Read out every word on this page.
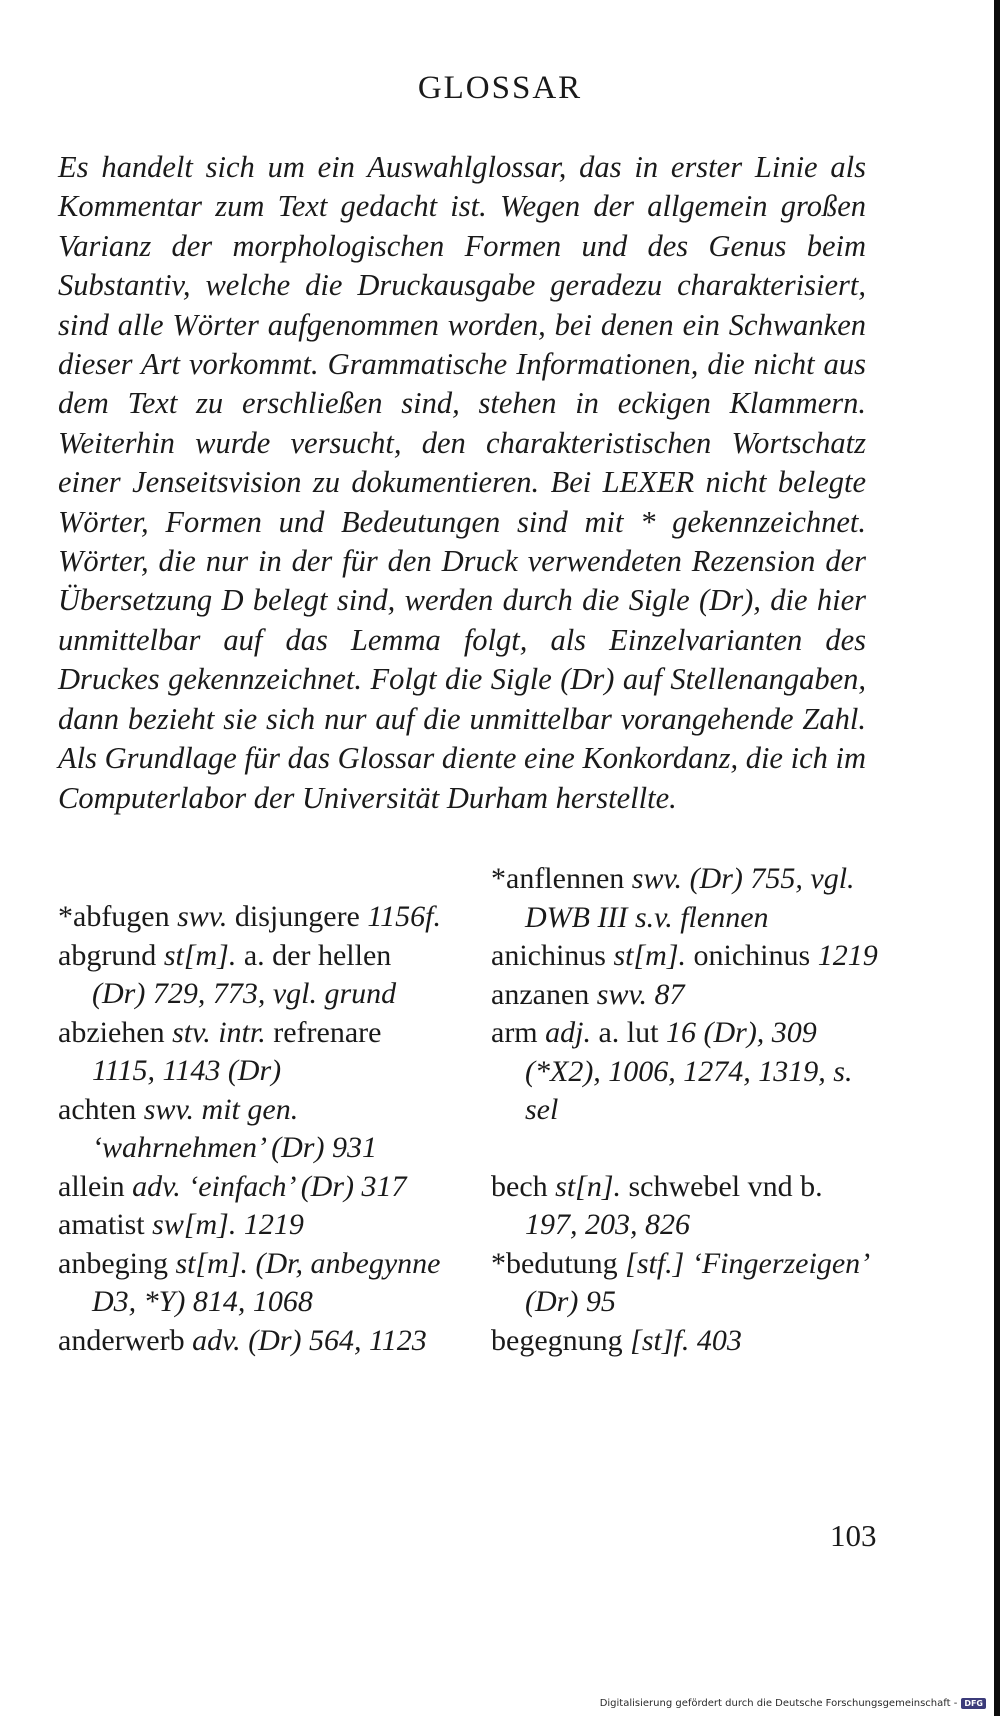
GLOSSAR
Es handelt sich um ein Auswahlglossar, das in erster Linie als Kommentar zum Text gedacht ist. Wegen der allgemein großen Varianz der morphologischen Formen und des Genus beim Substantiv, welche die Druckausgabe geradezu charakterisiert, sind alle Wörter aufgenommen worden, bei denen ein Schwanken dieser Art vorkommt. Grammatische Informationen, die nicht aus dem Text zu erschließen sind, stehen in eckigen Klammern. Weiterhin wurde versucht, den charakteristischen Wortschatz einer Jenseitsvision zu dokumentieren. Bei LEXER nicht belegte Wörter, Formen und Bedeutungen sind mit * gekennzeichnet. Wörter, die nur in der für den Druck verwendeten Rezension der Übersetzung D belegt sind, werden durch die Sigle (Dr), die hier unmittelbar auf das Lemma folgt, als Einzelvarianten des Druckes gekennzeichnet. Folgt die Sigle (Dr) auf Stellenangaben, dann bezieht sie sich nur auf die unmittelbar vorangehende Zahl. Als Grundlage für das Glossar diente eine Konkordanz, die ich im Computerlabor der Universität Durham herstellte.
*abfugen swv. disjungere 1156f.
abgrund st[m]. a. der hellen (Dr) 729, 773, vgl. grund
abziehen stv. intr. refrenare 1115, 1143 (Dr)
achten swv. mit gen. ‘wahrnehmen’ (Dr) 931
allein adv. ‘einfach’ (Dr) 317
amatist sw[m]. 1219
anbeging st[m]. (Dr, anbegynne D3, *Y) 814, 1068
anderwerb adv. (Dr) 564, 1123
*anflennen swv. (Dr) 755, vgl. DWB III s.v. flennen
anichinus st[m]. onichinus 1219
anzanen swv. 87
arm adj. a. lut 16 (Dr), 309 (*X2), 1006, 1274, 1319, s. sel
bech st[n]. schwebel vnd b. 197, 203, 826
*bedutung [stf.] ‘Fingerzeigen’ (Dr) 95
begegnung [st]f. 403
103
Digitalisierung gefördert durch die Deutsche Forschungsgemeinschaft - DFG
